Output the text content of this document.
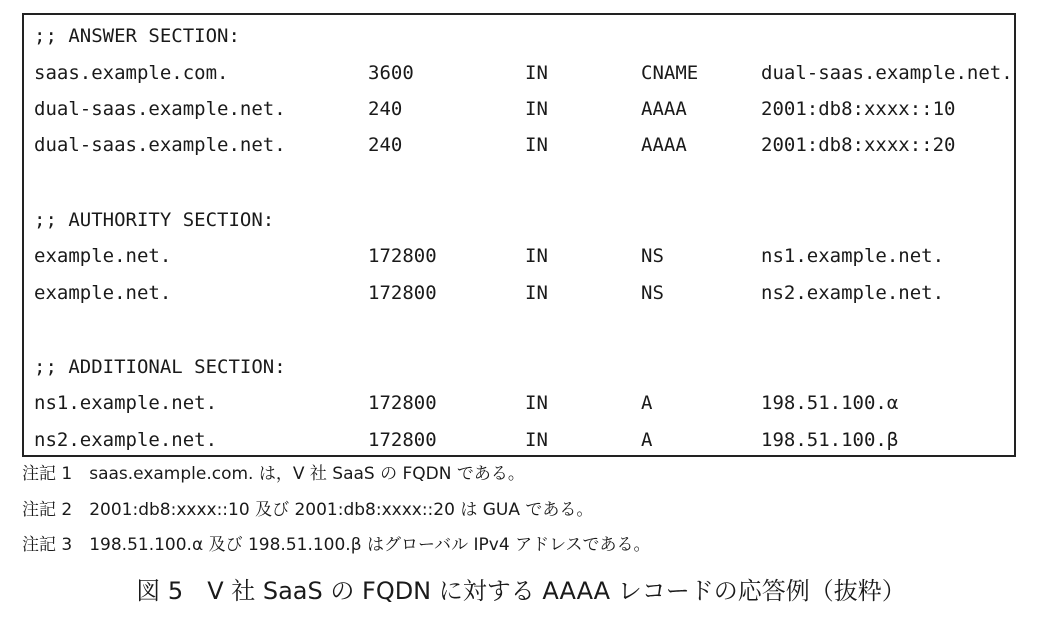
;; ANSWER SECTION:
saas.example.com.	3600	IN	CNAME	dual-saas.example.net.
dual-saas.example.net.	240	IN	AAAA	2001:db8:xxxx::10
dual-saas.example.net.	240	IN	AAAA	2001:db8:xxxx::20
;; AUTHORITY SECTION:
example.net.	172800	IN	NS	ns1.example.net.
example.net.	172800	IN	NS	ns2.example.net.
;; ADDITIONAL SECTION:
ns1.example.net.	172800	IN	A	198.51.100.α
ns2.example.net.	172800	IN	A	198.51.100.β
注記 1　saas.example.com. は，V 社 SaaS の FQDN である。
注記 2　2001:db8:xxxx::10 及び 2001:db8:xxxx::20 は GUA である。
注記 3　198.51.100.α 及び 198.51.100.β はグローバル IPv4 アドレスである。
図 5　V 社 SaaS の FQDN に対する AAAA レコードの応答例（抜粋）
